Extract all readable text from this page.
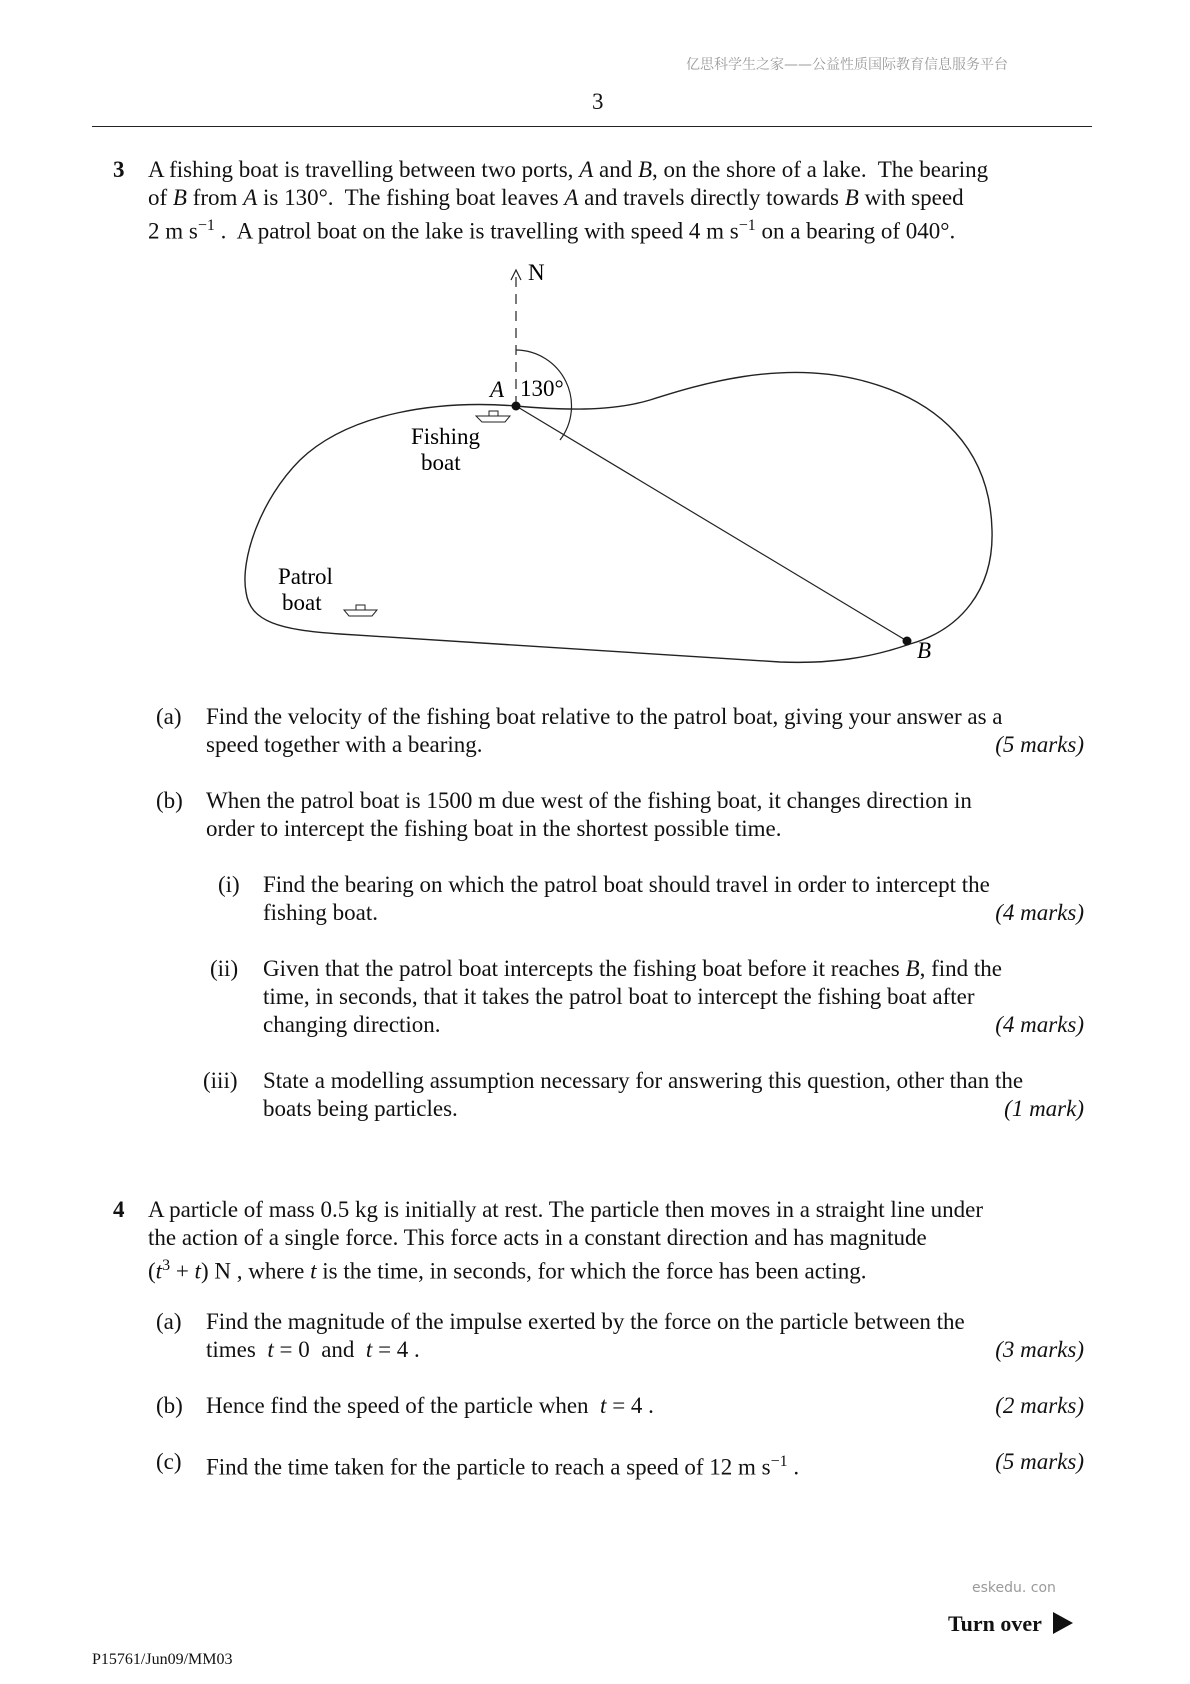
亿思科学生之家——公益性质国际教育信息服务平台
3
3 A fishing boat is travelling between two ports, A and B, on the shore of a lake.  The bearing
of B from A is 130°.  The fishing boat leaves A and travels directly towards B with speed
2 m $s^{-1}$ .  A patrol boat on the lake is travelling with speed 4 m $s^{-1}$ on a bearing of 040°.
N
130°
A
B
Fishing
boat
Patrol
boat
(a) Find the velocity of the fishing boat relative to the patrol boat, giving your answer as a
speed together with a bearing.	(5 marks)
(b) When the patrol boat is 1500 m due west of the fishing boat, it changes direction in
order to intercept the fishing boat in the shortest possible time.
(i) Find the bearing on which the patrol boat should travel in order to intercept the
fishing boat.	(4 marks)
(ii) Given that the patrol boat intercepts the fishing boat before it reaches B, find the
time, in seconds, that it takes the patrol boat to intercept the fishing boat after
changing direction.	(4 marks)
(iii) State a modelling assumption necessary for answering this question, other than the
boats being particles.	(1 mark)
4 A particle of mass 0.5 kg is initially at rest. The particle then moves in a straight line under
the action of a single force. This force acts in a constant direction and has magnitude
$(t^3 + t)$ N , where t is the time, in seconds, for which the force has been acting.
(a) Find the magnitude of the impulse exerted by the force on the particle between the
times  t = 0  and  t = 4 .	(3 marks)
(b) Hence find the speed of the particle when  t = 4 .	(2 marks)
(c) Find the time taken for the particle to reach a speed of 12 m $s^{-1}$ .	(5 marks)
eskedu. con
Turn over
P15761/Jun09/MM03
